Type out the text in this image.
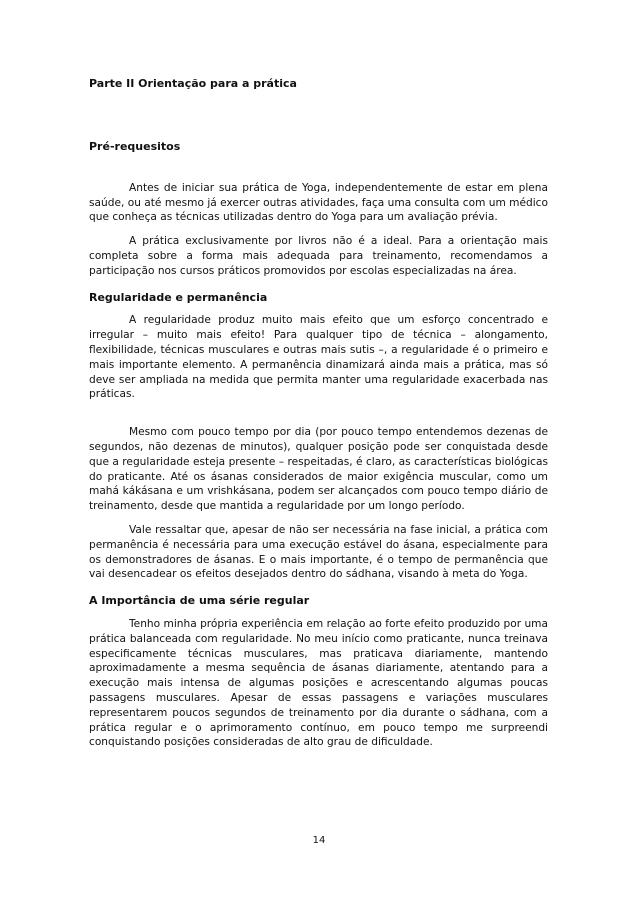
Parte II Orientação para a prática
Pré-requesitos

Antes de iniciar sua prática de Yoga, independentemente de estar em plena saúde, ou até mesmo já exercer outras atividades, faça uma consulta com um médico que conheça as técnicas utilizadas dentro do Yoga para um avaliação prévia.

A prática exclusivamente por livros não é a ideal. Para a orientação mais completa sobre a forma mais adequada para treinamento, recomendamos a participação nos cursos práticos promovidos por escolas especializadas na área.

Regularidade e permanência

A regularidade produz muito mais efeito que um esforço concentrado e irregular – muito mais efeito! Para qualquer tipo de técnica – alongamento, flexibilidade, técnicas musculares e outras mais sutis –, a regularidade é o primeiro e mais importante elemento. A permanência dinamizará ainda mais a prática, mas só deve ser ampliada na medida que permita manter uma regularidade exacerbada nas práticas.

Mesmo com pouco tempo por dia (por pouco tempo entendemos dezenas de segundos, não dezenas de minutos), qualquer posição pode ser conquistada desde que a regularidade esteja presente – respeitadas, é claro, as características biológicas do praticante. Até os ásanas considerados de maior exigência muscular, como um mahá kákásana e um vrishkásana, podem ser alcançados com pouco tempo diário de treinamento, desde que mantida a regularidade por um longo período.

Vale ressaltar que, apesar de não ser necessária na fase inicial, a prática com permanência é necessária para uma execução estável do ásana, especialmente para os demonstradores de ásanas. E o mais importante, é o tempo de permanência que vai desencadear os efeitos desejados dentro do sádhana, visando à meta do Yoga.

A Importância de uma série regular

Tenho minha própria experiência em relação ao forte efeito produzido por uma prática balanceada com regularidade. No meu início como praticante, nunca treinava especificamente técnicas musculares, mas praticava diariamente, mantendo aproximadamente a mesma sequência de ásanas diariamente, atentando para a execução mais intensa de algumas posições e acrescentando algumas poucas passagens musculares. Apesar de essas passagens e variações musculares representarem poucos segundos de treinamento por dia durante o sádhana, com a prática regular e o aprimoramento contínuo, em pouco tempo me surpreendi conquistando posições consideradas de alto grau de dificuldade.

14
